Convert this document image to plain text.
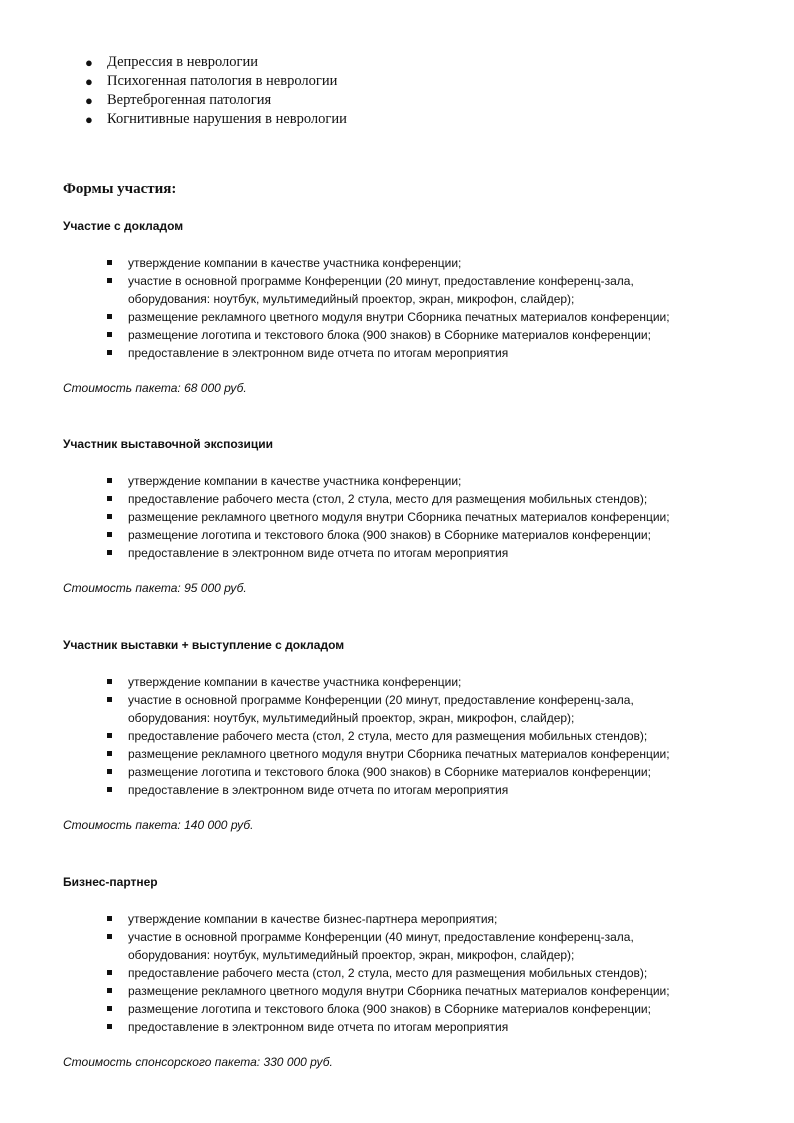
● Депрессия в неврологии
● Психогенная патология в неврологии
● Вертеброгенная патология
● Когнитивные нарушения в неврологии
Формы участия:
Участие с докладом
утверждение компании в качестве участника конференции;
участие в основной программе Конференции (20 минут, предоставление конференц-зала,
оборудования: ноутбук, мультимедийный проектор, экран, микрофон, слайдер);
размещение рекламного цветного модуля внутри Сборника печатных материалов конференции;
размещение логотипа и текстового блока (900 знаков) в Сборнике материалов конференции;
предоставление в электронном виде отчета по итогам мероприятия
Стоимость пакета: 68 000 руб.
Участник выставочной экспозиции
утверждение компании в качестве участника конференции;
предоставление рабочего места (стол, 2 стула, место для размещения мобильных стендов);
размещение рекламного цветного модуля внутри Сборника печатных материалов конференции;
размещение логотипа и текстового блока (900 знаков) в Сборнике материалов конференции;
предоставление в электронном виде отчета по итогам мероприятия
Стоимость пакета: 95 000 руб.
Участник выставки + выступление с докладом
утверждение компании в качестве участника конференции;
участие в основной программе Конференции (20 минут, предоставление конференц-зала,
оборудования: ноутбук, мультимедийный проектор, экран, микрофон, слайдер);
предоставление рабочего места (стол, 2 стула, место для размещения мобильных стендов);
размещение рекламного цветного модуля внутри Сборника печатных материалов конференции;
размещение логотипа и текстового блока (900 знаков) в Сборнике материалов конференции;
предоставление в электронном виде отчета по итогам мероприятия
Стоимость пакета: 140 000 руб.
Бизнес-партнер
утверждение компании в качестве бизнес-партнера мероприятия;
участие в основной программе Конференции (40 минут, предоставление конференц-зала,
оборудования: ноутбук, мультимедийный проектор, экран, микрофон, слайдер);
предоставление рабочего места (стол, 2 стула, место для размещения мобильных стендов);
размещение рекламного цветного модуля внутри Сборника печатных материалов конференции;
размещение логотипа и текстового блока (900 знаков) в Сборнике материалов конференции;
предоставление в электронном виде отчета по итогам мероприятия
Стоимость спонсорского пакета: 330 000 руб.
